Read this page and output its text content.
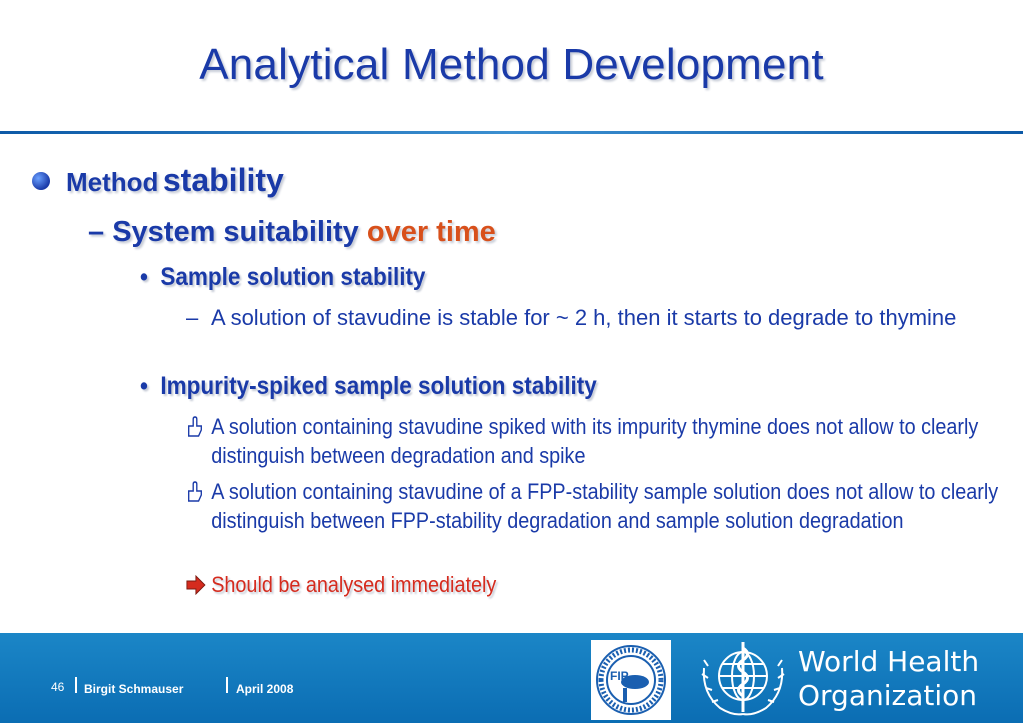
Analytical Method Development
Method stability
– System suitability over time
• Sample solution stability
– A solution of stavudine is stable for ~ 2 h, then it starts to degrade to thymine
• Impurity-spiked sample solution stability
A solution containing stavudine spiked with its impurity thymine does not allow to clearly distinguish between degradation and spike
A solution containing stavudine of a FPP-stability sample solution does not allow to clearly distinguish between FPP-stability degradation and sample solution degradation
Should be analysed immediately
46 Birgit Schmauser	April 2008
FIP	World Health
Organization
